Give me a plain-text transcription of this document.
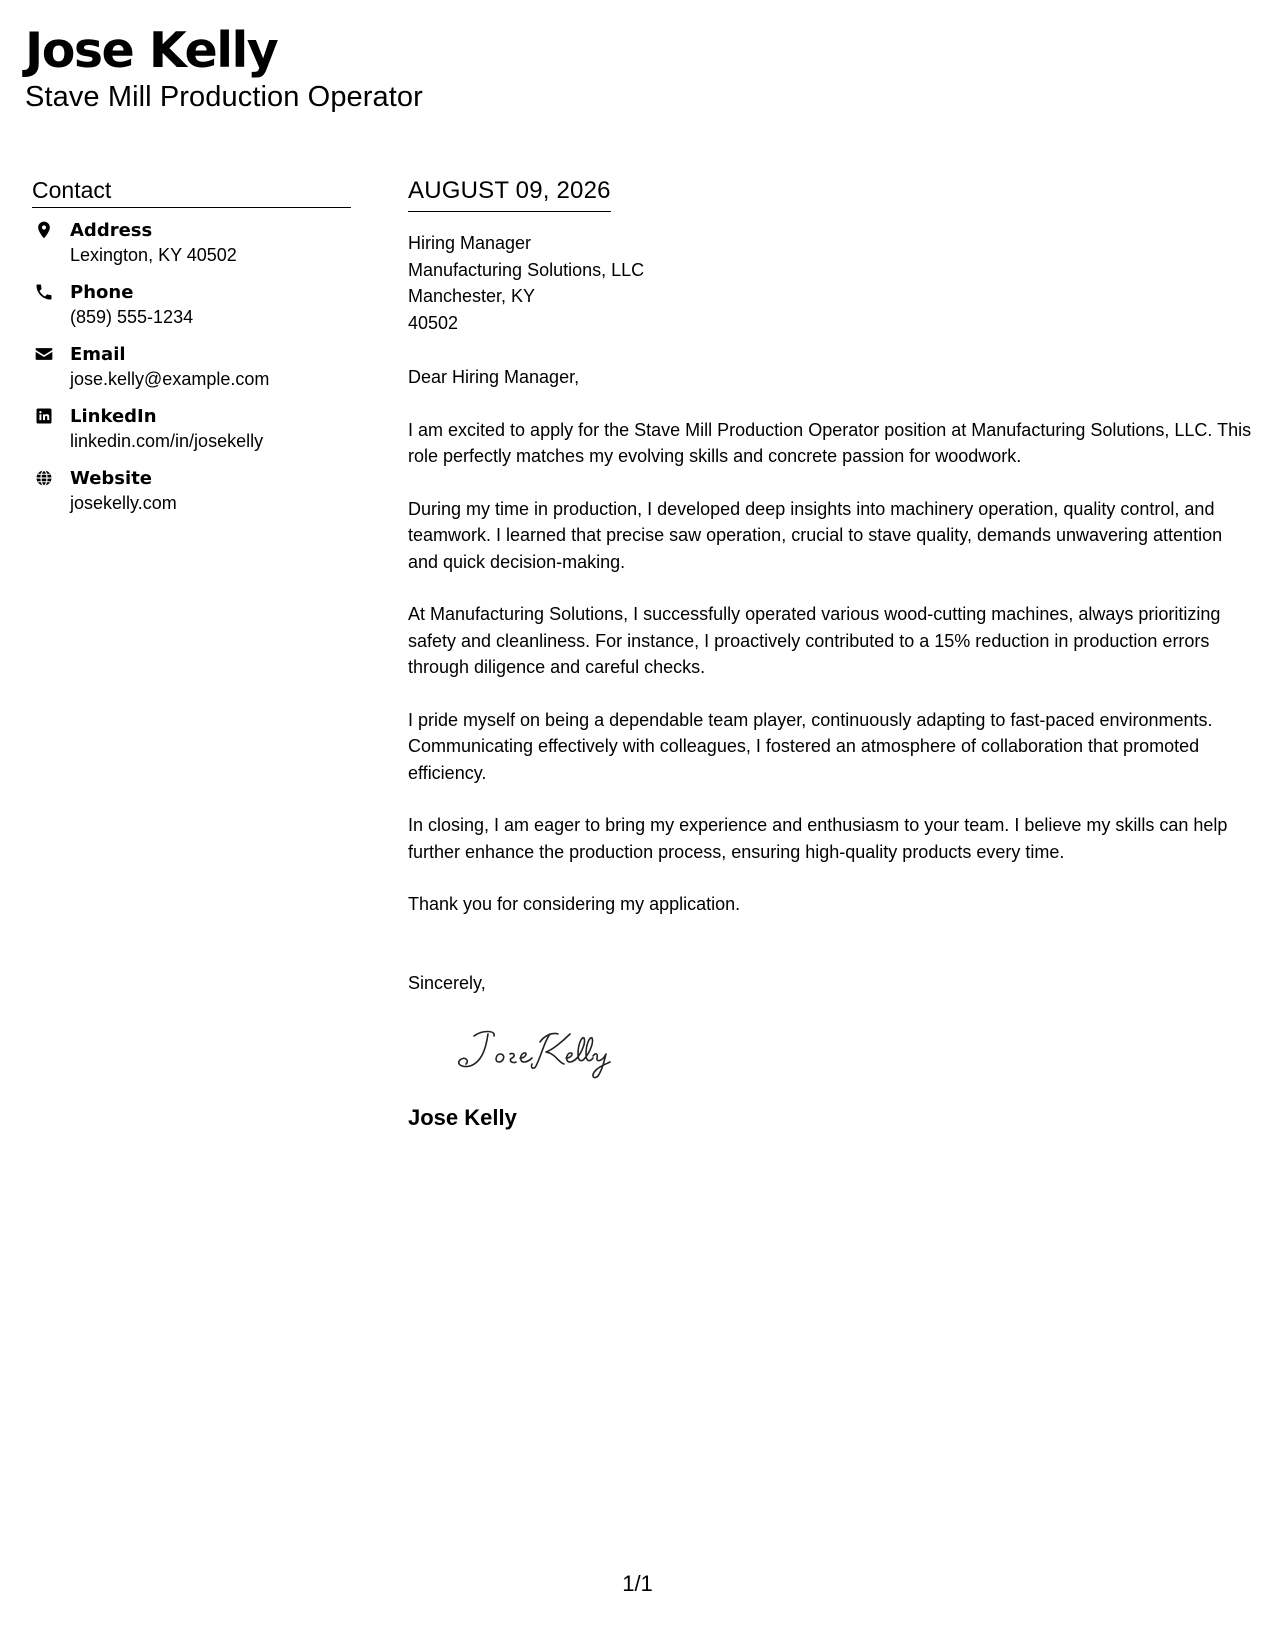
Jose Kelly
Stave Mill Production Operator
Contact
Address
Lexington, KY 40502
Phone
(859) 555-1234
Email
jose.kelly@example.com
LinkedIn
linkedin.com/in/josekelly
Website
josekelly.com
AUGUST 09, 2026
Hiring Manager
Manufacturing Solutions, LLC
Manchester, KY
40502
Dear Hiring Manager,

I am excited to apply for the Stave Mill Production Operator position at Manufacturing Solutions, LLC. This role perfectly matches my evolving skills and concrete passion for woodwork.

During my time in production, I developed deep insights into machinery operation, quality control, and teamwork. I learned that precise saw operation, crucial to stave quality, demands unwavering attention and quick decision-making.

At Manufacturing Solutions, I successfully operated various wood-cutting machines, always prioritizing safety and cleanliness. For instance, I proactively contributed to a 15% reduction in production errors through diligence and careful checks.

I pride myself on being a dependable team player, continuously adapting to fast-paced environments. Communicating effectively with colleagues, I fostered an atmosphere of collaboration that promoted efficiency.

In closing, I am eager to bring my experience and enthusiasm to your team. I believe my skills can help further enhance the production process, ensuring high-quality products every time.

Thank you for considering my application.

Sincerely,
Jose Kelly
1/1
